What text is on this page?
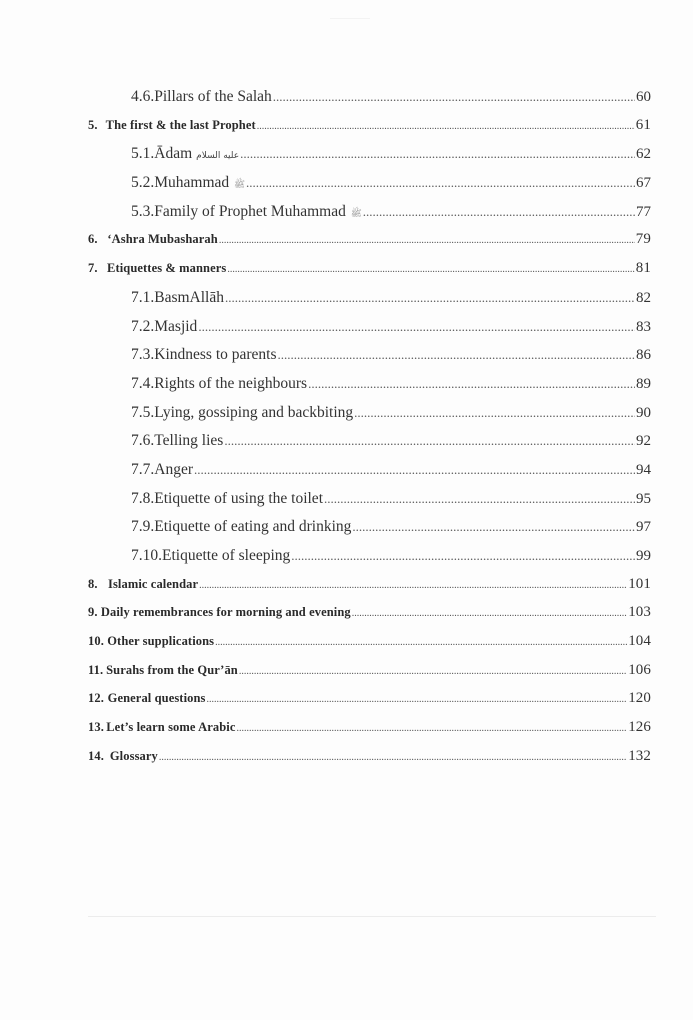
4.6. Pillars of the Salah .....	60
5. The first & the last Prophet .....	61
5.1. Ādam عليه السلام .....	62
5.2. Muhammad ﷺ .....	67
5.3. Family of Prophet Muhammad ﷺ .....	77
6. ‘Ashra Mubasharah .....	79
7. Etiquettes & manners .....	81
7.1. BasmAllāh .....	82
7.2. Masjid .....	83
7.3. Kindness to parents .....	86
7.4. Rights of the neighbours .....	89
7.5. Lying, gossiping and backbiting .....	90
7.6. Telling lies .....	92
7.7. Anger .....	94
7.8. Etiquette of using the toilet .....	95
7.9. Etiquette of eating and drinking .....	97
7.10. Etiquette of sleeping .....	99
8. Islamic calendar .....	101
9. Daily remembrances for morning and evening .....	103
10. Other supplications .....	104
11. Surahs from the Qur’ān .....	106
12. General questions .....	120
13. Let’s learn some Arabic .....	126
14. Glossary .....	132
